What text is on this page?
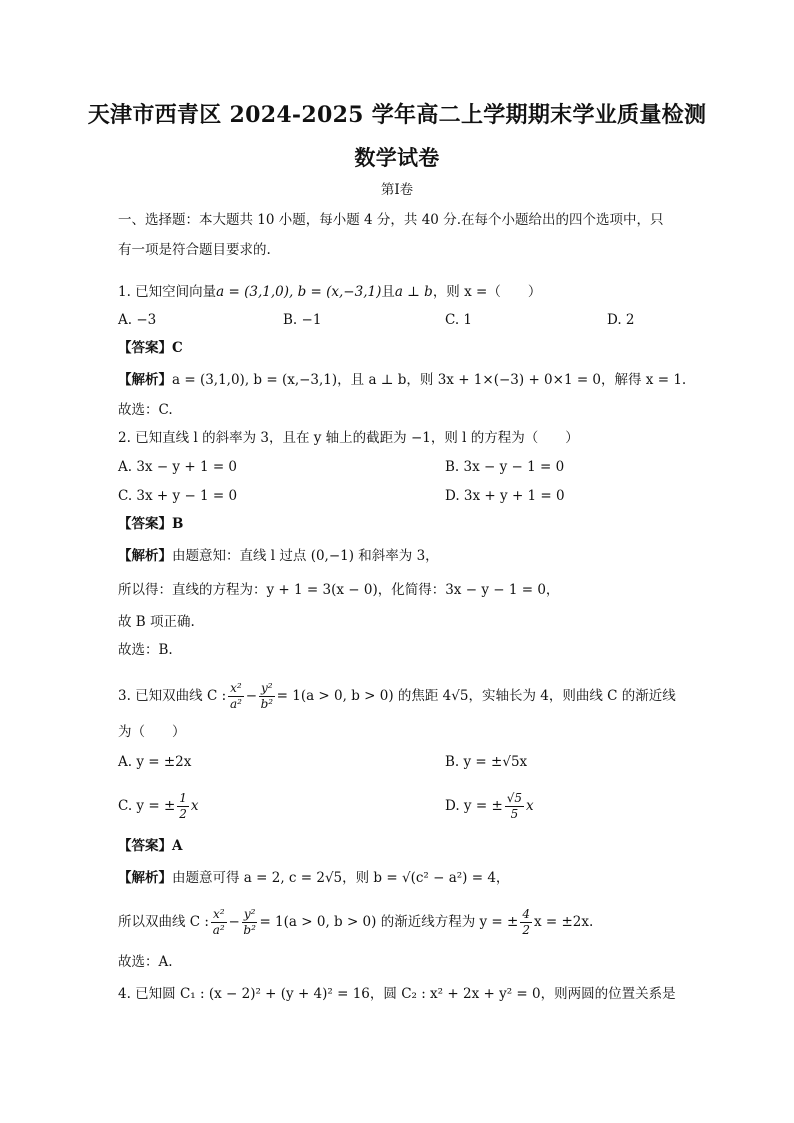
天津市西青区 2024-2025 学年高二上学期期末学业质量检测
数学试卷
第Ⅰ卷
一、选择题：本大题共 10 小题，每小题 4 分，共 40 分.在每个小题给出的四个选项中，只
有一项是符合题目要求的.
1. 已知空间向量a = (3,1,0), b = (x,−3,1)且a ⊥ b，则 x =（　　）
A. −3	B. −1	C. 1	D. 2
【答案】C
【解析】a = (3,1,0), b = (x,−3,1)，且 a ⊥ b，则 3x + 1×(−3) + 0×1 = 0，解得 x = 1.
故选：C.
2. 已知直线 l 的斜率为 3，且在 y 轴上的截距为 −1，则 l 的方程为（　　）
A. 3x − y + 1 = 0	B. 3x − y − 1 = 0
C. 3x + y − 1 = 0	D. 3x + y + 1 = 0
【答案】B
【解析】由题意知：直线 l 过点 (0,−1) 和斜率为 3，
所以得：直线的方程为：y + 1 = 3(x − 0)，化简得：3x − y − 1 = 0，
故 B 项正确.
故选：B.
3. 已知双曲线 C : $\frac{\text{x²}}{\text{a²}} - \frac{\text{y²}}{\text{b²}} = 1(a > 0$, b > 0) 的焦距 4√5，实轴长为 4，则曲线 C 的渐近线
为（　　）
A. y = ±2x	B. y = ±√5x
C. y = ± $\frac{1}{2}$ x	D. y = ± $\frac{√5}{5}$ x
【答案】A
【解析】由题意可得 a = 2, c = 2√5，则 b = √(c² − a²) = 4，
所以双曲线 C : $\frac{\text{x²}}{\text{a²}} - \frac{\text{y²}}{\text{b²}} = 1(a > 0$, b > 0) 的渐近线方程为 y = ± $\frac{4}{2}$ x = ±2x.
故选：A.
4. 已知圆 C₁ : (x − 2)² + (y + 4)² = 16，圆 C₂ : x² + 2x + y² = 0，则两圆的位置关系是
